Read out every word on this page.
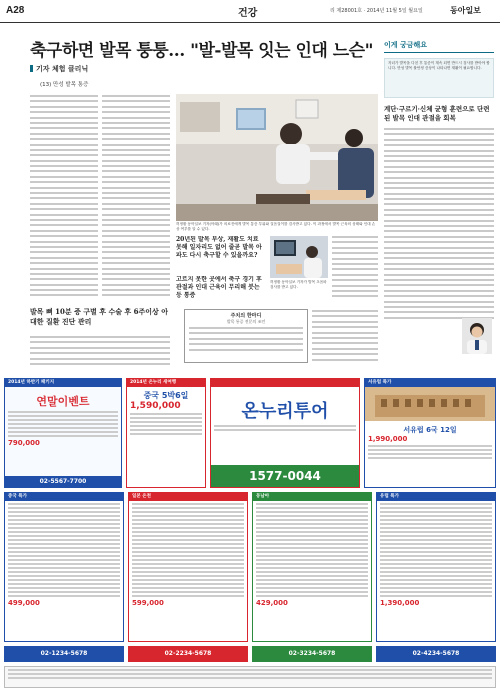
A28	건강	리 제28001호 · 2014년 11월 5일 월요일	동아일보
축구하면 발목 퉁퉁… "발-발목 잇는 인대 느슨"
기자 체험 클리닉
(13) 만성 발목 통증
허정환 동아일보 기자(아래)가 의료진에게 발목 통증 부위와 걸음걸이를 검사받고 있다. 이 과정에서 발목 근육의 상태와 인대 손상 여부를 알 수 있다.
20년된 발목 부상, 재활도 치료 못해 일자리도 없어 줄곧 발목 아파도 다시 축구할 수 있을까요?
고르지 못한 곳에서 축구 경기 후 관절과 인대 근육이 무리해 붓는 등 통증
허정환 동아일보 기자가 발목 초음파 검사를 받고 있다.
이게 궁금해요
자녀가 발목을 다친 후 통증이 계속 되면 반드시 검사를 받아야 합니다. 만성 발목 불안정 증상이 나타나면 재활이 필요합니다.
계단·구르기·신체 균형 훈련으로 단련된 발목 인대 관절을 회복
발목 뼈 10분 증 구별 후 수술 후 6주이상 아대한 질환 진단 관리
주치의 한마디
발목 통증 전문의 조언
2014년 하반기 패키지
연말이벤트
790,000
02-5567-7700
2014년 온누리 새여행
중국 5박6일
1,590,000	온누리투어
1577-0044
서유럽 특가
서유럽 6국 12일
1,990,000
중국 특가
499,000
일본 온천
599,000
동남아
429,000
유럽 특가
1,390,000
02-1234-5678	02-2234-5678	02-3234-5678	02-4234-5678
